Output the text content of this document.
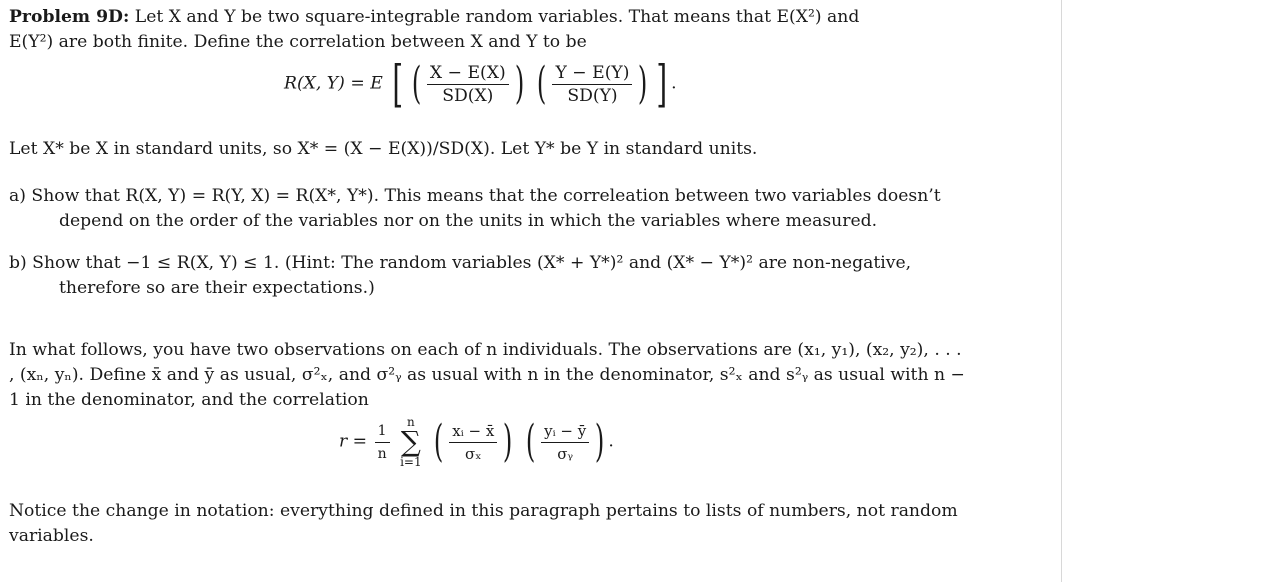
Problem 9D: Let X and Y be two square-integrable random variables. That means that E(X²) and
E(Y²) are both finite. Define the correlation between X and Y to be

R(X, Y) = E [ ( $\frac{X - E(X)}{SD(X)}$ ) ( $\frac{Y - E(Y)}{SD(Y)}$ ) ] .

Let X* be X in standard units, so X* = (X − E(X))/SD(X). Let Y* be Y in standard units.

a) Show that R(X, Y) = R(Y, X) = R(X*, Y*). This means that the correleation between two variables doesn’t depend on the order of the variables nor on the units in which the variables where measured.

b) Show that −1 ≤ R(X, Y) ≤ 1. (Hint: The random variables (X* + Y*)² and (X* − Y*)² are non-negative, therefore so are their expectations.)

In what follows, you have two observations on each of n individuals. The observations are (x₁, y₁), (x₂, y₂), . . . , (xₙ, yₙ). Define x̄ and ȳ as usual, σ²ₓ, and σ²ᵧ as usual with n in the denominator, s²ₓ and s²ᵧ as usual with n − 1 in the denominator, and the correlation

$r = \frac{1}{n}$
	n
∑
i=1 ( $\frac{\text{xᵢ − x̄}}{\text{σₓ}}$ ) ( $\frac{\text{yᵢ − ȳ}}{\text{σᵧ}}$ ) .

Notice the change in notation: everything defined in this paragraph pertains to lists of numbers, not random variables.
